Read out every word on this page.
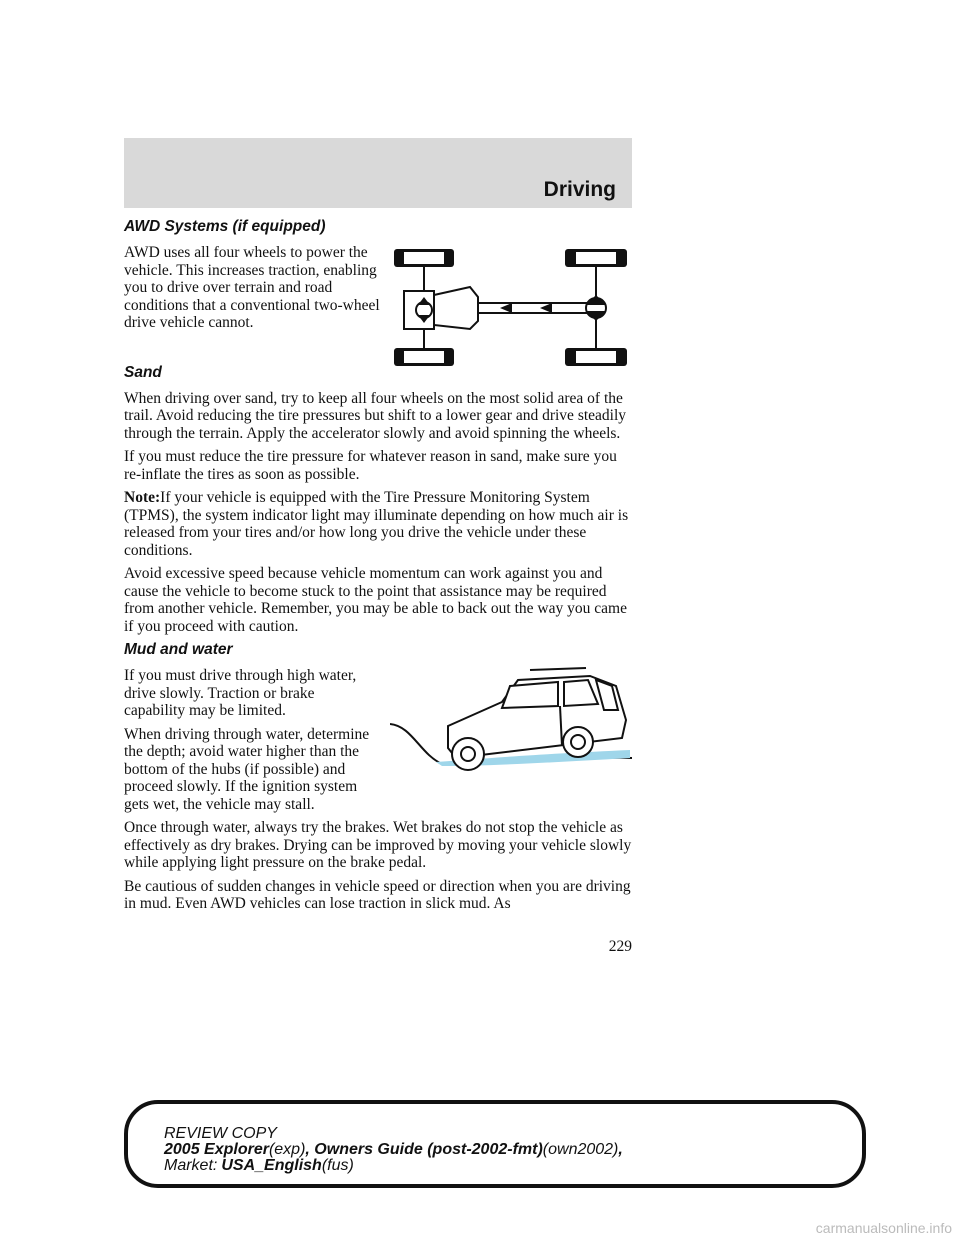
Driving
AWD Systems (if equipped)

AWD uses all four wheels to power the vehicle. This increases traction, enabling you to drive over terrain and road conditions that a conventional two-wheel drive vehicle cannot.

Sand

When driving over sand, try to keep all four wheels on the most solid area of the trail. Avoid reducing the tire pressures but shift to a lower gear and drive steadily through the terrain. Apply the accelerator slowly and avoid spinning the wheels.

If you must reduce the tire pressure for whatever reason in sand, make sure you re-inflate the tires as soon as possible.

Note:If your vehicle is equipped with the Tire Pressure Monitoring System (TPMS), the system indicator light may illuminate depending on how much air is released from your tires and/or how long you drive the vehicle under these conditions.

Avoid excessive speed because vehicle momentum can work against you and cause the vehicle to become stuck to the point that assistance may be required from another vehicle. Remember, you may be able to back out the way you came if you proceed with caution.

Mud and water

If you must drive through high water, drive slowly. Traction or brake capability may be limited.

When driving through water, determine the depth; avoid water higher than the bottom of the hubs (if possible) and proceed slowly. If the ignition system gets wet, the vehicle may stall.

Once through water, always try the brakes. Wet brakes do not stop the vehicle as effectively as dry brakes. Drying can be improved by moving your vehicle slowly while applying light pressure on the brake pedal.

Be cautious of sudden changes in vehicle speed or direction when you are driving in mud. Even AWD vehicles can lose traction in slick mud. As

229
REVIEW COPY
2005 Explorer(exp), Owners Guide (post-2002-fmt)(own2002),
Market: USA_English(fus)
carmanualsonline.info
